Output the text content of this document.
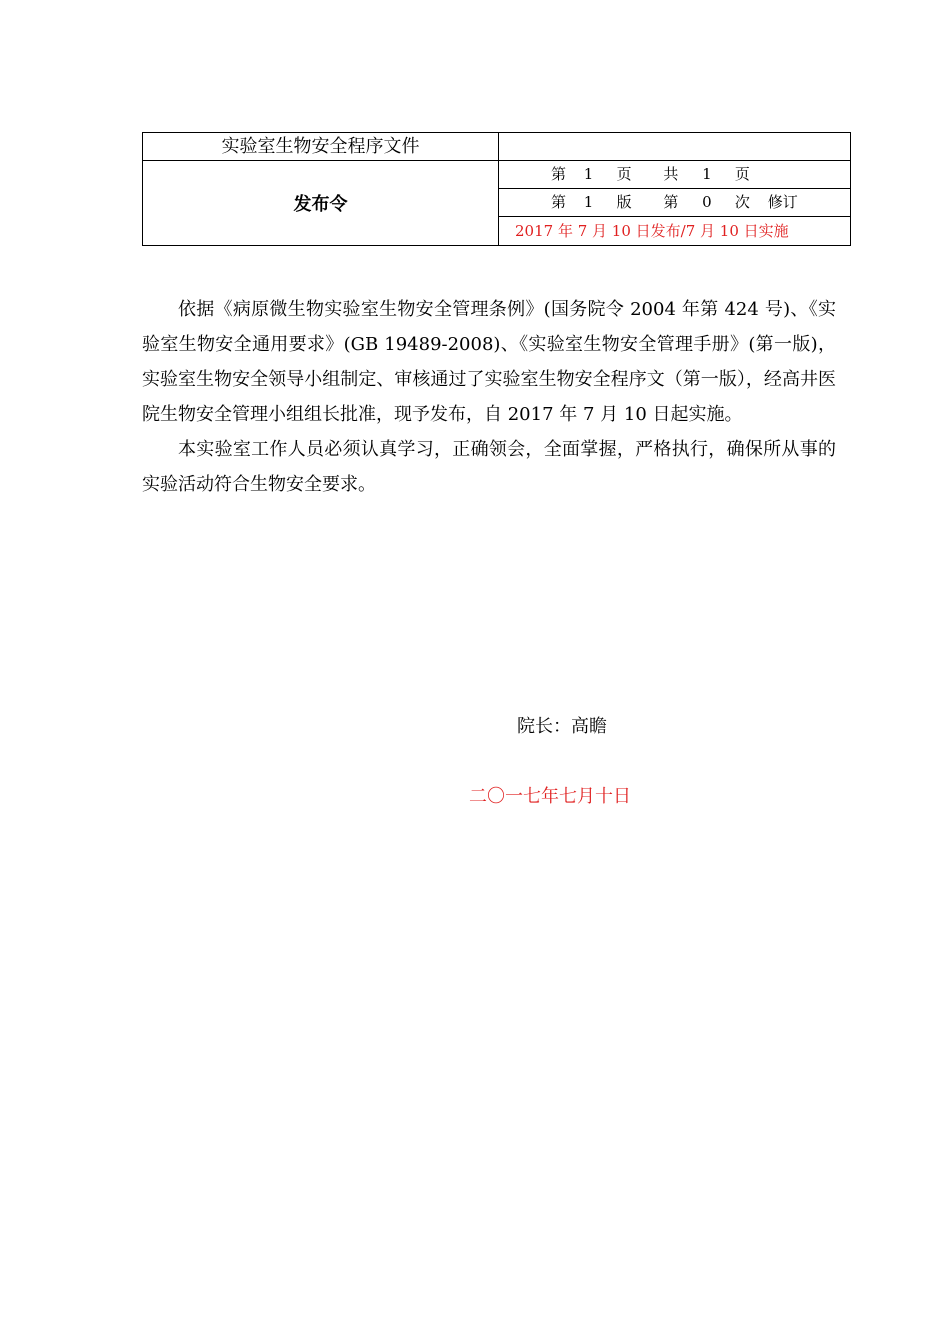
实验室生物安全程序文件	
发布令	第 1 页 共 1 页
	第 1 版 第 0 次 修订
	2017 年 7 月 10 日发布/7 月 10 日实施

依据《病原微生物实验室生物安全管理条例》(国务院令 2004 年第 424 号)、《实验室生物安全通用要求》(GB 19489-2008)、《实验室生物安全管理手册》(第一版)，实验室生物安全领导小组制定、审核通过了实验室生物安全程序文（第一版），经高井医院生物安全管理小组组长批准，现予发布，自 2017 年 7 月 10 日起实施。

本实验室工作人员必须认真学习，正确领会，全面掌握，严格执行，确保所从事的实验活动符合生物安全要求。

院长：高瞻
二〇一七年七月十日
